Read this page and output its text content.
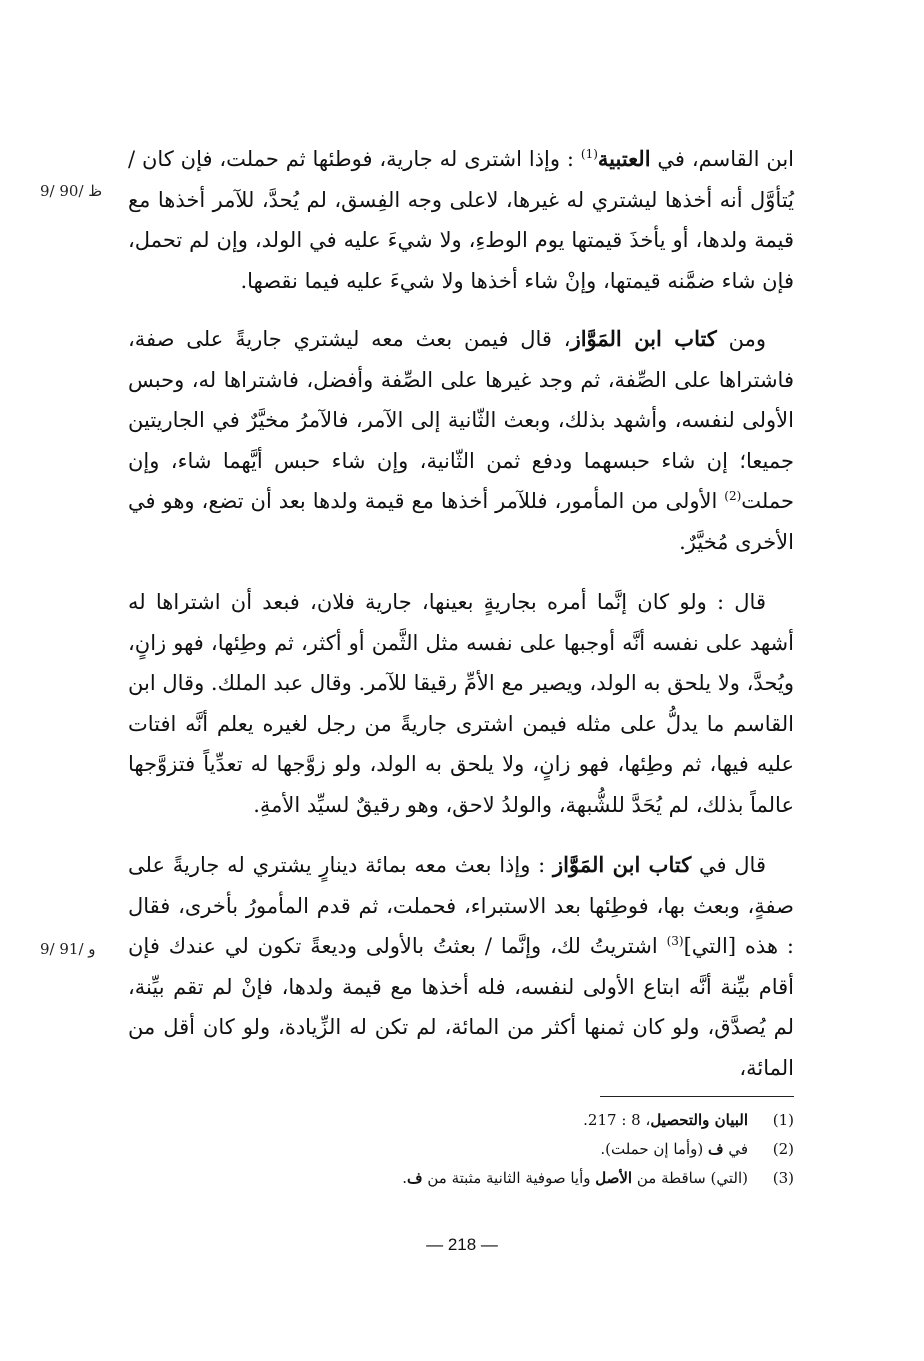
9/ 90/ ظ
9/ 91/ و

ابن القاسم، في العتبية$^{(1)}$ : وإذا اشترى له جارية، فوطئها ثم حملت، فإن كان / يُتأوَّل أنه أخذها ليشتري له غيرها، لاعلى وجه الفِسق، لم يُحدَّ، للآمر أخذها مع قيمة ولدها، أو يأخذَ قيمتها يوم الوطءِ، ولا شيءَ عليه في الولد، وإن لم تحمل، فإن شاء ضمَّنه قيمتها، وإنْ شاء أخذها ولا شيءَ عليه فيما نقصها.

ومن كتاب ابن المَوَّاز، قال فيمن بعث معه ليشتري جاريةً على صفة، فاشتراها على الصِّفة، ثم وجد غيرها على الصِّفة وأفضل، فاشتراها له، وحبس الأولى لنفسه، وأشهد بذلك، وبعث الثّانية إلى الآمر، فالآمرُ مخيَّرٌ في الجاريتين جميعا؛ إن شاء حبسهما ودفع ثمن الثّانية، وإن شاء حبس أيَّهما شاء، وإن حملت$^{(2)}$ الأولى من المأمور، فللآمر أخذها مع قيمة ولدها بعد أن تضع، وهو في الأخرى مُخيَّرٌ.

قال : ولو كان إنَّما أمره بجاريةٍ بعينها، جارية فلان، فبعد أن اشتراها له أشهد على نفسه أنَّه أوجبها على نفسه مثل الثَّمن أو أكثر، ثم وطِئها، فهو زانٍ، ويُحدَّ، ولا يلحق به الولد، ويصير مع الأمِّ رقيقا للآمر. وقال عبد الملك. وقال ابن القاسم ما يدلُّ على مثله فيمن اشترى جاريةً من رجل لغيره يعلم أنَّه افتات عليه فيها، ثم وطِئها، فهو زانٍ، ولا يلحق به الولد، ولو زوَّجها له تعدِّياً فتزوَّجها عالماً بذلك، لم يُحَدَّ للشُّبهة، والولدُ لاحق، وهو رقيقٌ لسيِّد الأمةِ.

قال في كتاب ابن المَوَّاز : وإذا بعث معه بمائة دينارٍ يشتري له جاريةً على صفةٍ، وبعث بها، فوطِئها بعد الاستبراء، فحملت، ثم قدم المأمورُ بأخرى، فقال : هذه [التي]$^{(3)}$ اشتريتُ لك، وإنَّما / بعثتُ بالأولى وديعةً تكون لي عندك فإن أقام بيِّنة أنَّه ابتاع الأولى لنفسه، فله أخذها مع قيمة ولدها، فإنْ لم تقم بيِّنة، لم يُصدَّق، ولو كان ثمنها أكثر من المائة، لم تكن له الزِّيادة، ولو كان أقل من المائة،

(1)
البيان والتحصيل، 8 : 217.
(2)
في ف (وأما إن حملت).
(3)
(التي) ساقطة من الأصل وأيا صوفية الثانية مثبتة من ف.
— 218 —
